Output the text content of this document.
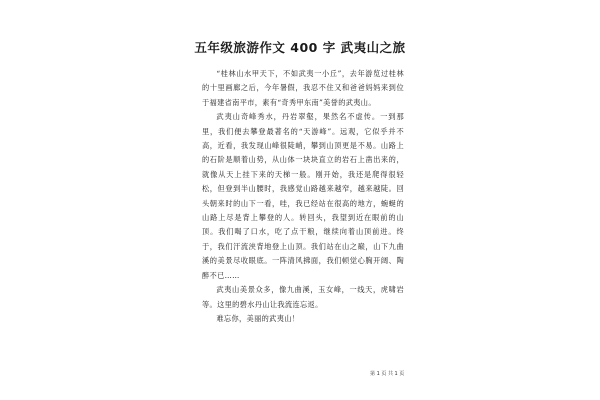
五年级旅游作文 400 字 武夷山之旅

“桂林山水甲天下，不如武夷一小丘”，去年游览过桂林的十里画廊之后，今年暑假，我忍不住又和爸爸妈妈来到位于福建省南平市，素有“奇秀甲东南”美誉的武夷山。

武夷山奇峰秀水，丹岩翠壑，果然名不虚传。一到那里，我们便去攀登最著名的“天游峰”。远观，它似乎并不高，近看，我发现山峰很陡峭，攀到山顶更是不易。山路上的石阶是顺着山势，从山体一块块直立的岩石上凿出来的，就像从天上挂下来的天梯一般。刚开始，我还是爬得很轻松，但登到半山腰时，我感觉山路越来越窄，越来越陡。回头朝来时的山下一看，哇，我已经站在很高的地方，蜿蜒的山路上尽是背上攀登的人。转回头，我望到近在眼前的山顶。我们喝了口水，吃了点干粮，继续向着山顶前进。终于，我们汗流浃背地登上山顶。我们站在山之巅，山下九曲溪的美景尽收眼底。一阵清风拂面，我们顿觉心胸开阔、陶醉不已……

武夷山美景众多，像九曲溪，玉女峰，一线天，虎啸岩等。这里的碧水丹山让我流连忘返。

难忘你，美丽的武夷山！

第 1 页 共 1 页
